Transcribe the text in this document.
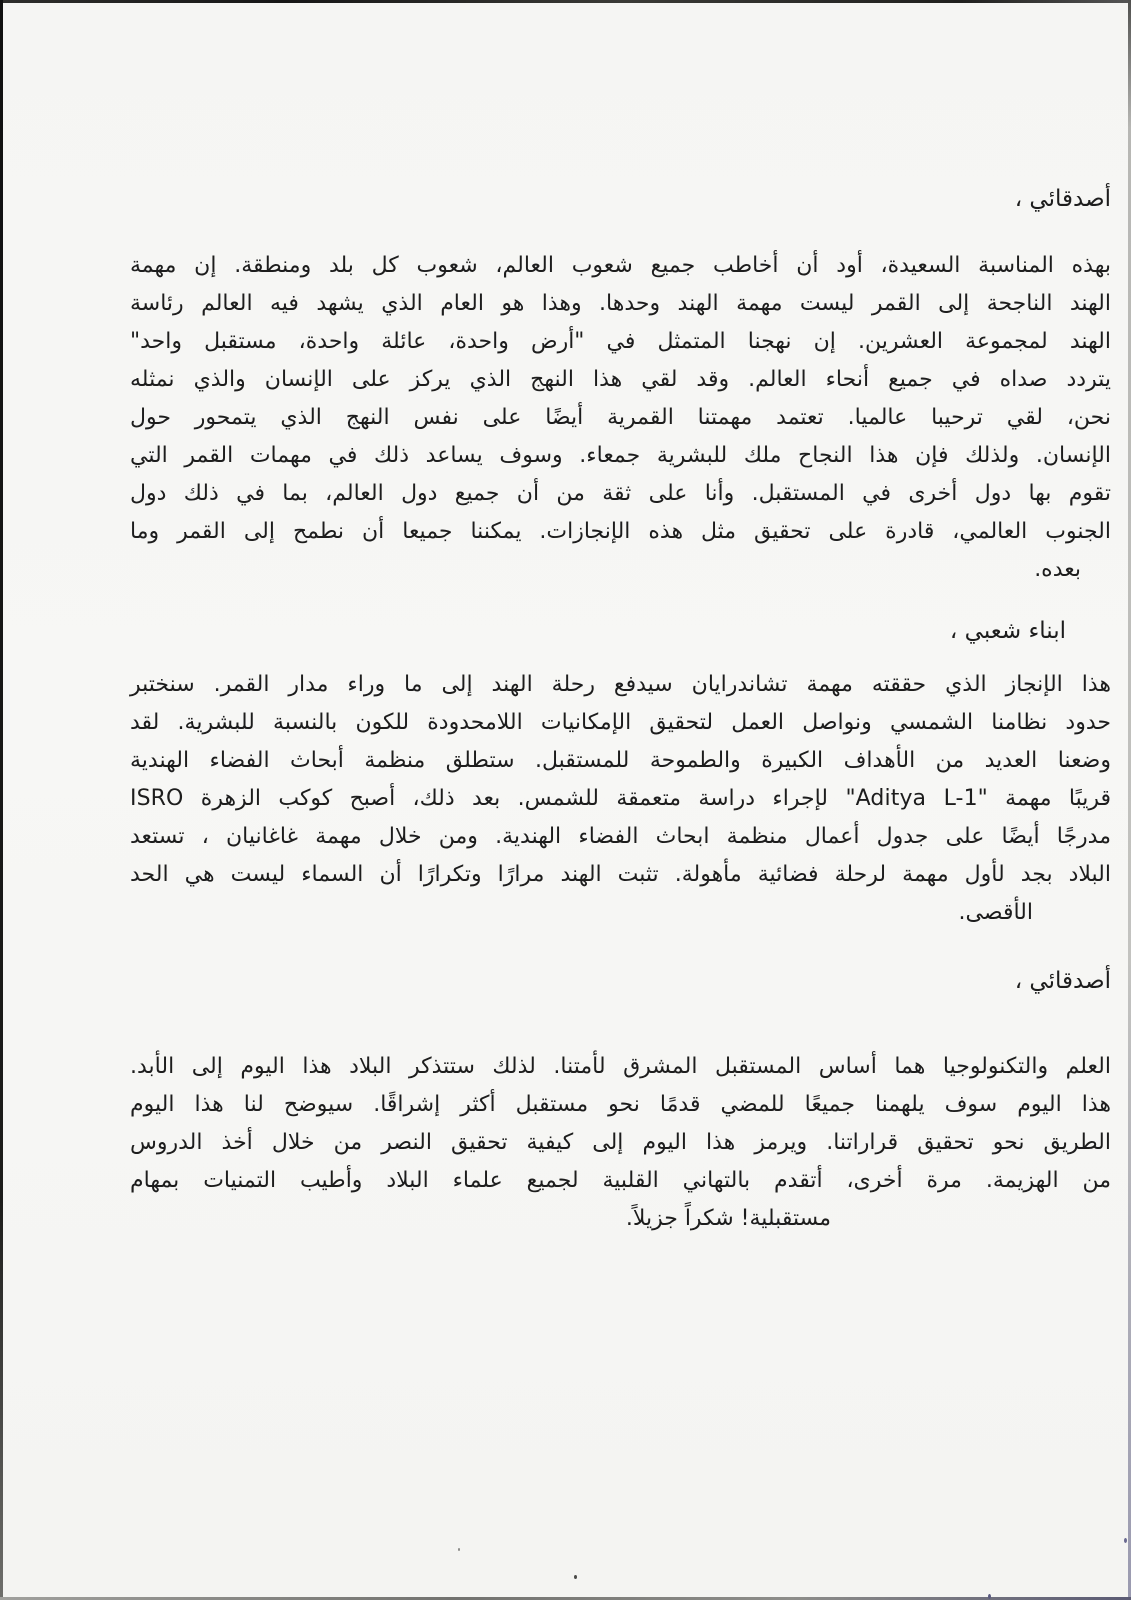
أصدقائي ،
بهذه المناسبة السعيدة، أود أن أخاطب جميع شعوب العالم، شعوب كل بلد ومنطقة. إن مهمة
الهند الناجحة إلى القمر ليست مهمة الهند وحدها. وهذا هو العام الذي يشهد فيه العالم رئاسة
الهند لمجموعة العشرين. إن نهجنا المتمثل في "أرض واحدة، عائلة واحدة، مستقبل واحد"
يتردد صداه في جميع أنحاء العالم. وقد لقي هذا النهج الذي يركز على الإنسان والذي نمثله
نحن، لقي ترحيبا عالميا. تعتمد مهمتنا القمرية أيضًا على نفس النهج الذي يتمحور حول
الإنسان. ولذلك فإن هذا النجاح ملك للبشرية جمعاء. وسوف يساعد ذلك في مهمات القمر التي
تقوم بها دول أخرى في المستقبل. وأنا على ثقة من أن جميع دول العالم، بما في ذلك دول
الجنوب العالمي، قادرة على تحقيق مثل هذه الإنجازات. يمكننا جميعا أن نطمح إلى القمر وما
بعده.
ابناء شعبي ،
هذا الإنجاز الذي حققته مهمة تشاندرايان سيدفع رحلة الهند إلى ما وراء مدار القمر. سنختبر
حدود نظامنا الشمسي ونواصل العمل لتحقيق الإمكانيات اللامحدودة للكون بالنسبة للبشرية. لقد
وضعنا العديد من الأهداف الكبيرة والطموحة للمستقبل. ستطلق منظمة أبحاث الفضاء الهندية
قريبًا مهمة "Aditya L-1" لإجراء دراسة متعمقة للشمس. بعد ذلك، أصبح كوكب الزهرة ISRO
مدرجًا أيضًا على جدول أعمال منظمة ابحاث الفضاء الهندية. ومن خلال مهمة غاغانيان ، تستعد
البلاد بجد لأول مهمة لرحلة فضائية مأهولة. تثبت الهند مرارًا وتكرارًا أن السماء ليست هي الحد
الأقصى.
أصدقائي ،
العلم والتكنولوجيا هما أساس المستقبل المشرق لأمتنا. لذلك ستتذكر البلاد هذا اليوم إلى الأبد.
هذا اليوم سوف يلهمنا جميعًا للمضي قدمًا نحو مستقبل أكثر إشراقًا. سيوضح لنا هذا اليوم
الطريق نحو تحقيق قراراتنا. ويرمز هذا اليوم إلى كيفية تحقيق النصر من خلال أخذ الدروس
من الهزيمة. مرة أخرى، أتقدم بالتهاني القلبية لجميع علماء البلاد وأطيب التمنيات بمهام
مستقبلية! شكراً جزيلاً.
